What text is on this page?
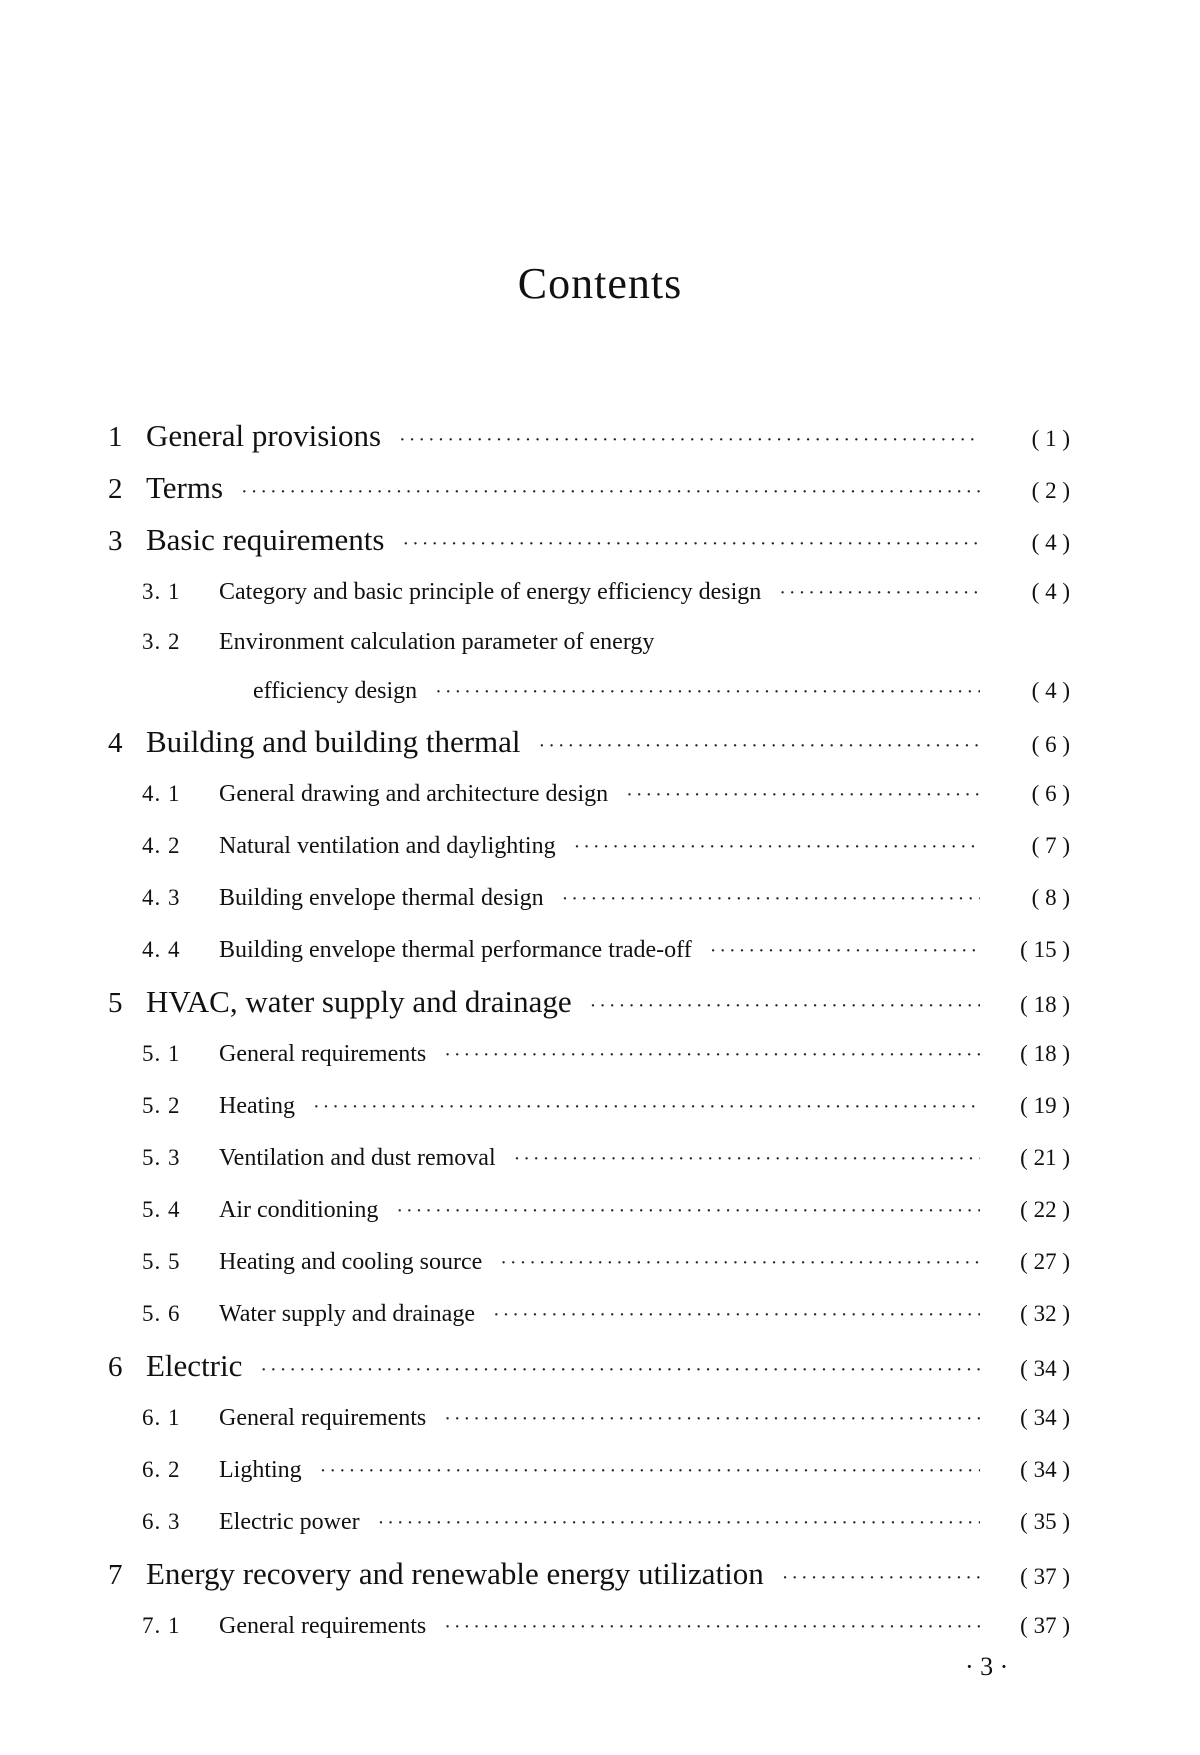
Contents
1 General provisions ·····	( 1 )
2 Terms ·····	( 2 )
3 Basic requirements ·····	( 4 )
3. 1	Category and basic principle of energy efficiency design ·····	( 4 )
3. 2	Environment calculation parameter of energy
efficiency design ·····	( 4 )
4 Building and building thermal ·····	( 6 )
4. 1	General drawing and architecture design ·····	( 6 )
4. 2	Natural ventilation and daylighting ·····	( 7 )
4. 3	Building envelope thermal design ·····	( 8 )
4. 4	Building envelope thermal performance trade-off ·····	( 15 )
5 HVAC, water supply and drainage ·····	( 18 )
5. 1	General requirements ·····	( 18 )
5. 2	Heating ·····	( 19 )
5. 3	Ventilation and dust removal ·····	( 21 )
5. 4	Air conditioning ·····	( 22 )
5. 5	Heating and cooling source ·····	( 27 )
5. 6	Water supply and drainage ·····	( 32 )
6 Electric ·····	( 34 )
6. 1	General requirements ·····	( 34 )
6. 2	Lighting ·····	( 34 )
6. 3	Electric power ·····	( 35 )
7 Energy recovery and renewable energy utilization ·····	( 37 )
7. 1	General requirements ·····	( 37 )
· 3 ·
